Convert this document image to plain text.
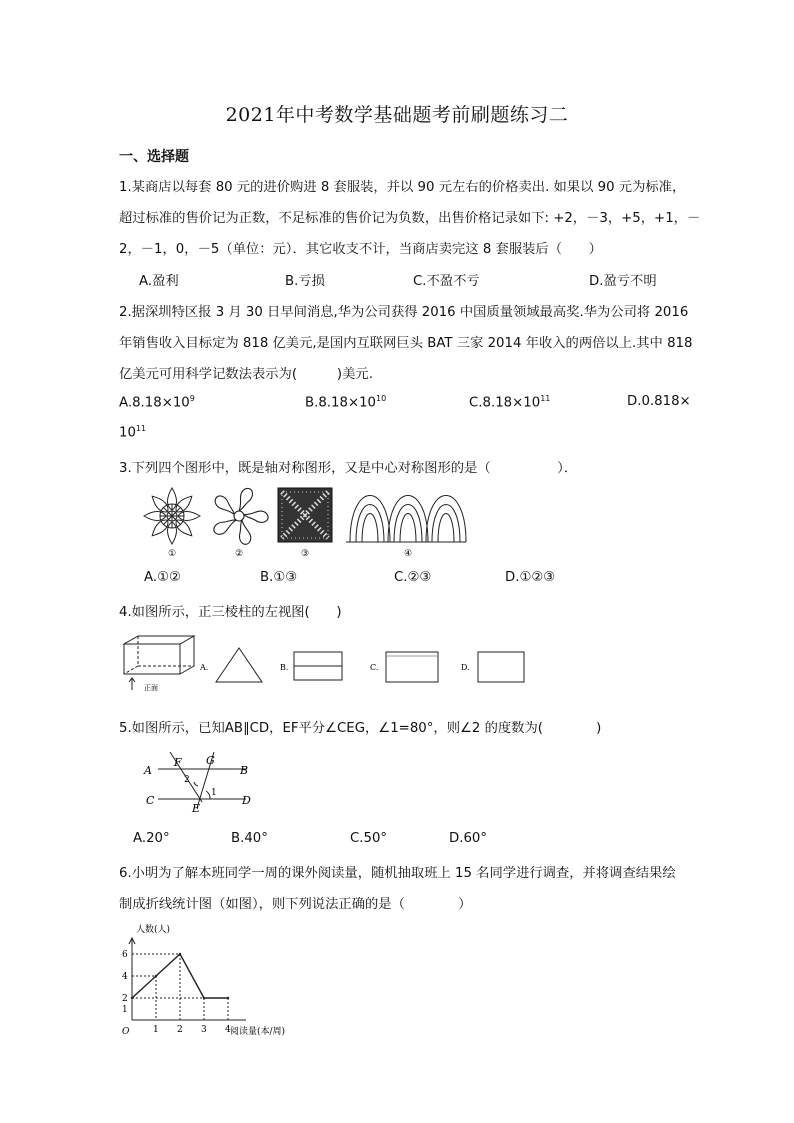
2021年中考数学基础题考前刷题练习二
一、选择题
1.某商店以每套 80 元的进价购进 8 套服装，并以 90 元左右的价格卖出. 如果以 90 元为标准，
超过标准的售价记为正数，不足标准的售价记为负数，出售价格记录如下: +2，－3，+5，+1，－
2，－1，0，－5（单位：元）．其它收支不计，当商店卖完这 8 套服装后（　　）
A.盈利	B.亏损	C.不盈不亏	D.盈亏不明
2.据深圳特区报 3 月 30 日早间消息,华为公司获得 2016 中国质量领域最高奖.华为公司将 2016
年销售收入目标定为 818 亿美元,是国内互联网巨头 BAT 三家 2014 年收入的两倍以上.其中 818
亿美元可用科学记数法表示为(　　　)美元.
$A.8.18\times 10^9$	$B.8.18\times 10^{10}$	$C.8.18\times 10^{11}$	D.0.818×
$10^{11}$
3.下列四个图形中，既是轴对称图形，又是中心对称图形的是（　　　　　）．
①	②	③	④
A.①②	B.①③	C.②③	D.①②③
4.如图所示，正三棱柱的左视图(　　)
正面
A.	B.	C.	D.
5.如图所示，已知AB∥CD，EF平分∠CEG，∠1=80°，则∠2 的度数为(　　　　)
A
F G
B
C
E
D
2
1
A.20°	B.40°	C.50°	D.60°
6.小明为了解本班同学一周的课外阅读量，随机抽取班上 15 名同学进行调查，并将调查结果绘
制成折线统计图（如图），则下列说法正确的是（　　　　）
1 2 3 4
1
2
4
6
人数(人)
阅读量(本/周)
O
